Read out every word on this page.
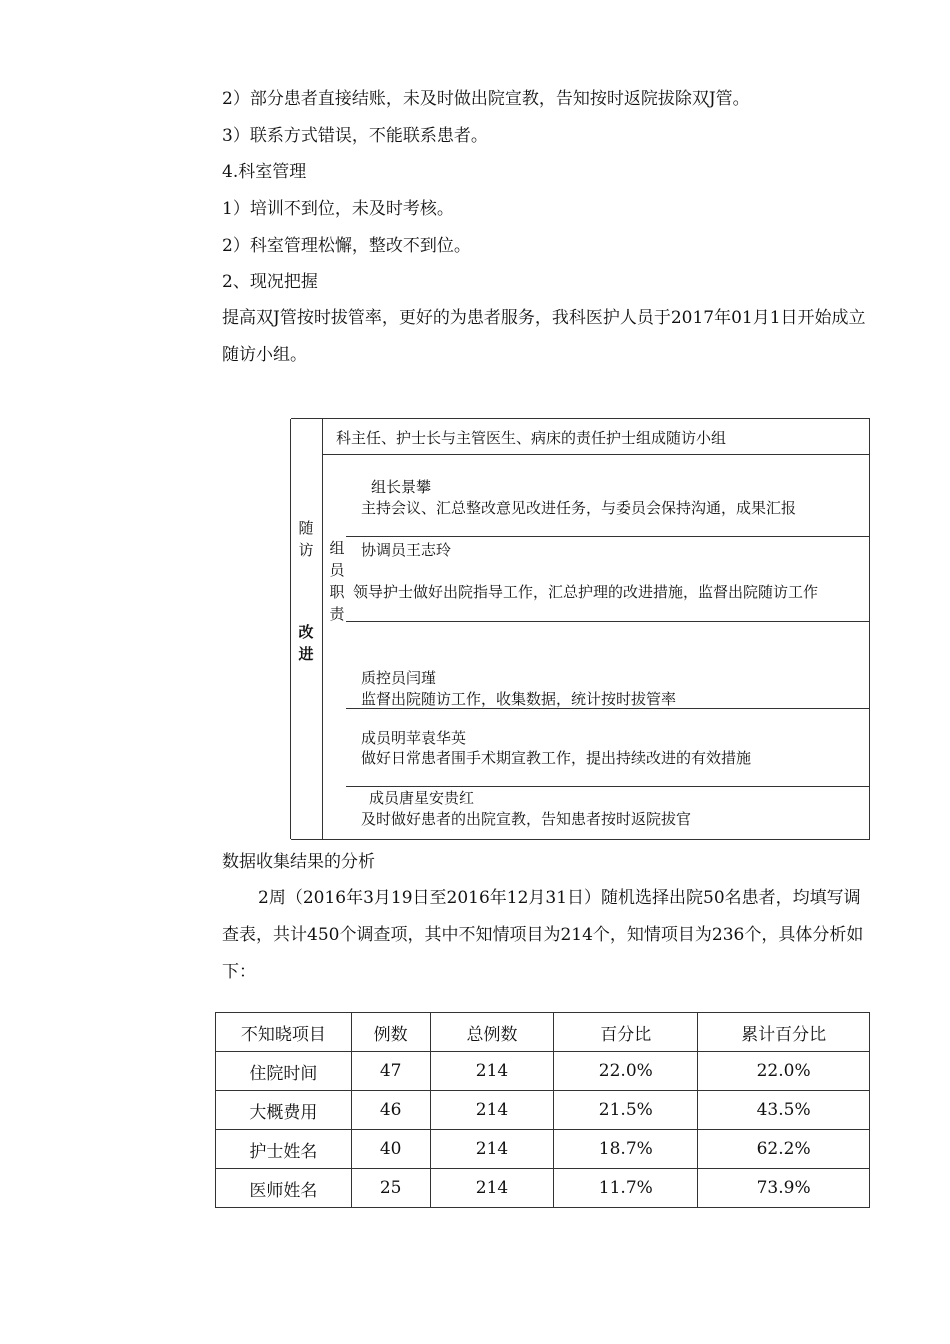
2）部分患者直接结账，未及时做出院宣教，告知按时返院拔除双J管。
3）联系方式错误，不能联系患者。
4.科室管理
1）培训不到位，未及时考核。
2）科室管理松懈，整改不到位。
2、现况把握
提高双J管按时拔管率，更好的为患者服务，我科医护人员于2017年01月1日开始成立随访小组。
随访
改进
组员职责
科主任、护士长与主管医生、病床的责任护士组成随访小组
组长景攀
主持会议、汇总整改意见改进任务，与委员会保持沟通，成果汇报
协调员王志玲
领导护士做好出院指导工作，汇总护理的改进措施，监督出院随访工作
质控员闫瑾
监督出院随访工作，收集数据，统计按时拔管率
成员明苹袁华英
做好日常患者围手术期宣教工作，提出持续改进的有效措施
成员唐星安贵红
及时做好患者的出院宣教，告知患者按时返院拔官
数据收集结果的分析
2周（2016年3月19日至2016年12月31日）随机选择出院50名患者，均填写调查表，共计450个调查项，其中不知情项目为214个，知情项目为236个，具体分析如下：
不知晓项目	例数	总例数	百分比	累计百分比
住院时间	47	214	22.0%	22.0%
大概费用	46	214	21.5%	43.5%
护士姓名	40	214	18.7%	62.2%
医师姓名	25	214	11.7%	73.9%
